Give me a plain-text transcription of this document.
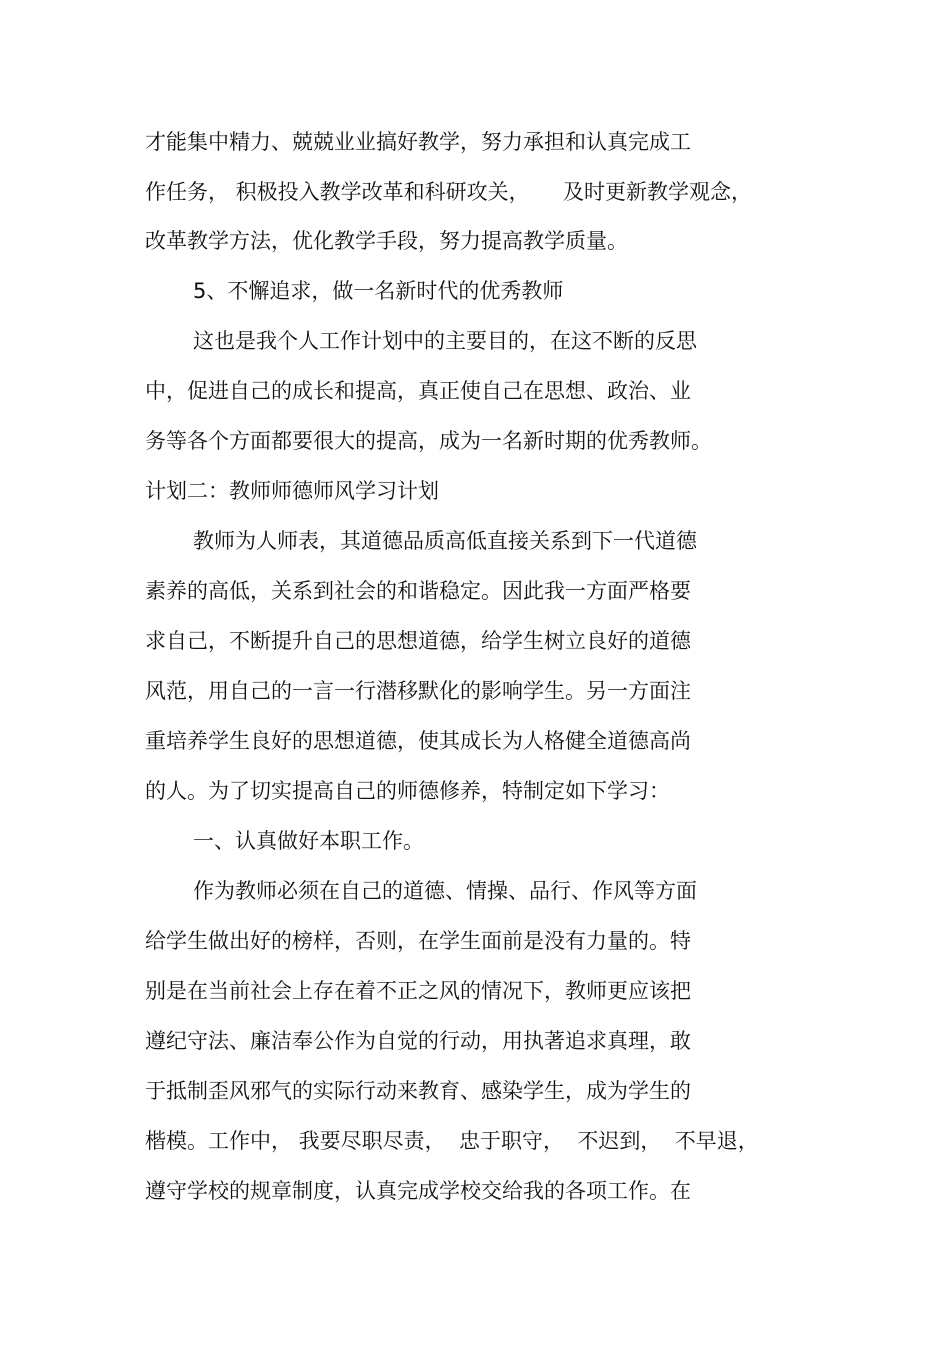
才能集中精力、兢兢业业搞好教学，努力承担和认真完成工

作任务， 积极投入教学改革和科研攻关，     及时更新教学观念，

改革教学方法，优化教学手段，努力提高教学质量。

5、不懈追求，做一名新时代的优秀教师

这也是我个人工作计划中的主要目的，在这不断的反思

中，促进自己的成长和提高，真正使自己在思想、政治、业

务等各个方面都要很大的提高，成为一名新时期的优秀教师。

计划二：教师师德师风学习计划

教师为人师表，其道德品质高低直接关系到下一代道德

素养的高低，关系到社会的和谐稳定。因此我一方面严格要

求自己，不断提升自己的思想道德，给学生树立良好的道德

风范，用自己的一言一行潜移默化的影响学生。另一方面注

重培养学生良好的思想道德，使其成长为人格健全道德高尚

的人。为了切实提高自己的师德修养，特制定如下学习：

一、认真做好本职工作。

作为教师必须在自己的道德、情操、品行、作风等方面

给学生做出好的榜样，否则，在学生面前是没有力量的。特

别是在当前社会上存在着不正之风的情况下，教师更应该把

遵纪守法、廉洁奉公作为自觉的行动，用执著追求真理，敢

于抵制歪风邪气的实际行动来教育、感染学生，成为学生的

楷模。工作中， 我要尽职尽责，  忠于职守，  不迟到，  不早退，

遵守学校的规章制度，认真完成学校交给我的各项工作。在
